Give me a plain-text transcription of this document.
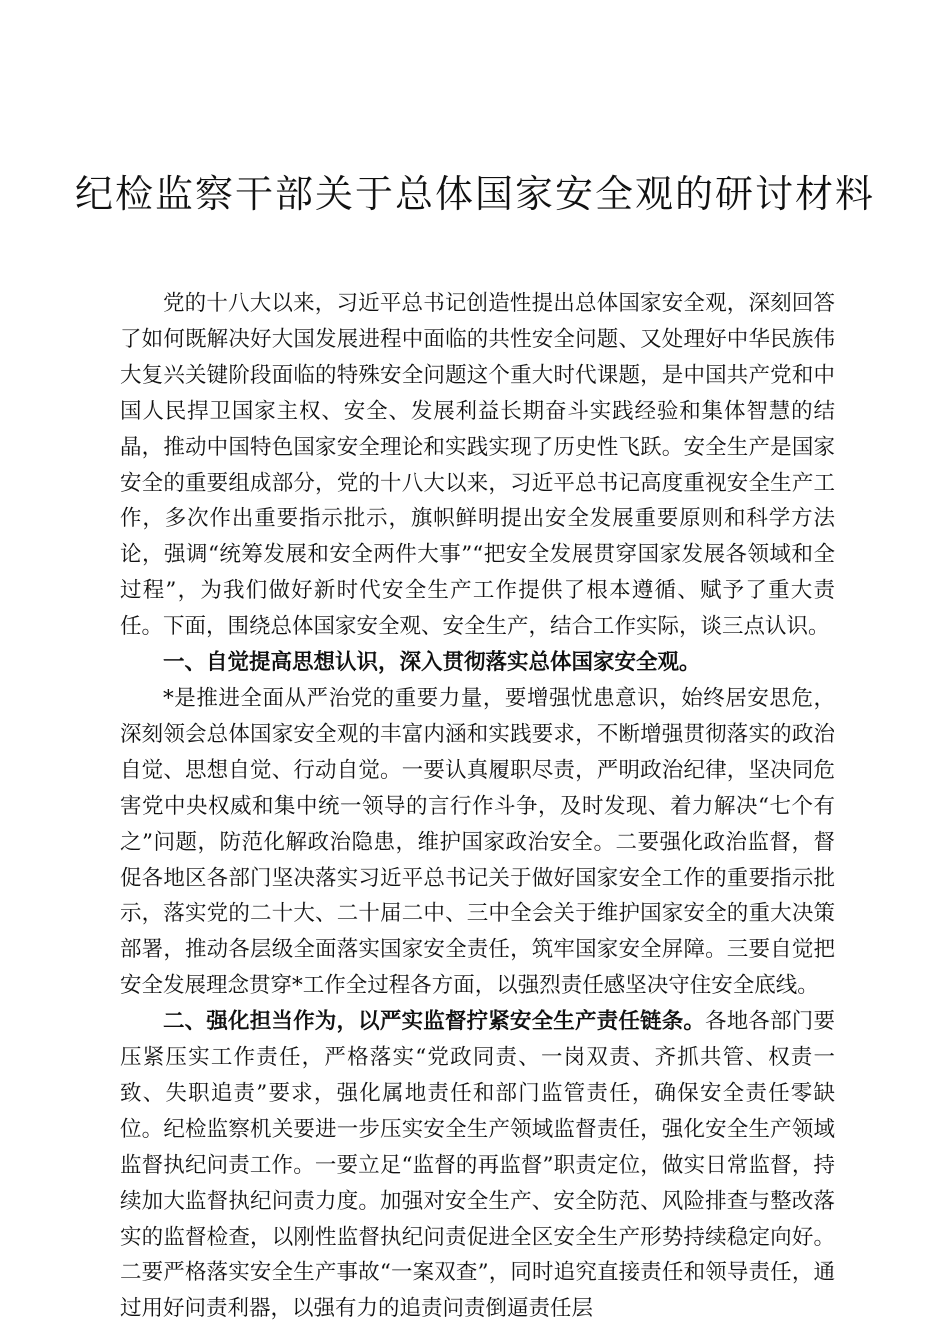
纪检监察干部关于总体国家安全观的研讨材料

党的十八大以来，习近平总书记创造性提出总体国家安全观，深刻回答了如何既解决好大国发展进程中面临的共性安全问题、又处理好中华民族伟大复兴关键阶段面临的特殊安全问题这个重大时代课题，是中国共产党和中国人民捍卫国家主权、安全、发展利益长期奋斗实践经验和集体智慧的结晶，推动中国特色国家安全理论和实践实现了历史性飞跃。安全生产是国家安全的重要组成部分，党的十八大以来，习近平总书记高度重视安全生产工作，多次作出重要指示批示，旗帜鲜明提出安全发展重要原则和科学方法论，强调“统筹发展和安全两件大事”“把安全发展贯穿国家发展各领域和全过程”，为我们做好新时代安全生产工作提供了根本遵循、赋予了重大责任。下面，围绕总体国家安全观、安全生产，结合工作实际，谈三点认识。

一、自觉提高思想认识，深入贯彻落实总体国家安全观。

*是推进全面从严治党的重要力量，要增强忧患意识，始终居安思危，深刻领会总体国家安全观的丰富内涵和实践要求，不断增强贯彻落实的政治自觉、思想自觉、行动自觉。一要认真履职尽责，严明政治纪律，坚决同危害党中央权威和集中统一领导的言行作斗争，及时发现、着力解决“七个有之”问题，防范化解政治隐患，维护国家政治安全。二要强化政治监督，督促各地区各部门坚决落实习近平总书记关于做好国家安全工作的重要指示批示，落实党的二十大、二十届二中、三中全会关于维护国家安全的重大决策部署，推动各层级全面落实国家安全责任，筑牢国家安全屏障。三要自觉把安全发展理念贯穿*工作全过程各方面，以强烈责任感坚决守住安全底线。

二、强化担当作为，以严实监督拧紧安全生产责任链条。各地各部门要压紧压实工作责任，严格落实“党政同责、一岗双责、齐抓共管、权责一致、失职追责”要求，强化属地责任和部门监管责任，确保安全责任零缺位。纪检监察机关要进一步压实安全生产领域监督责任，强化安全生产领域监督执纪问责工作。一要立足“监督的再监督”职责定位，做实日常监督，持续加大监督执纪问责力度。加强对安全生产、安全防范、风险排查与整改落实的监督检查，以刚性监督执纪问责促进全区安全生产形势持续稳定向好。二要严格落实安全生产事故“一案双查”，同时追究直接责任和领导责任，通过用好问责利器，以强有力的追责问责倒逼责任层
